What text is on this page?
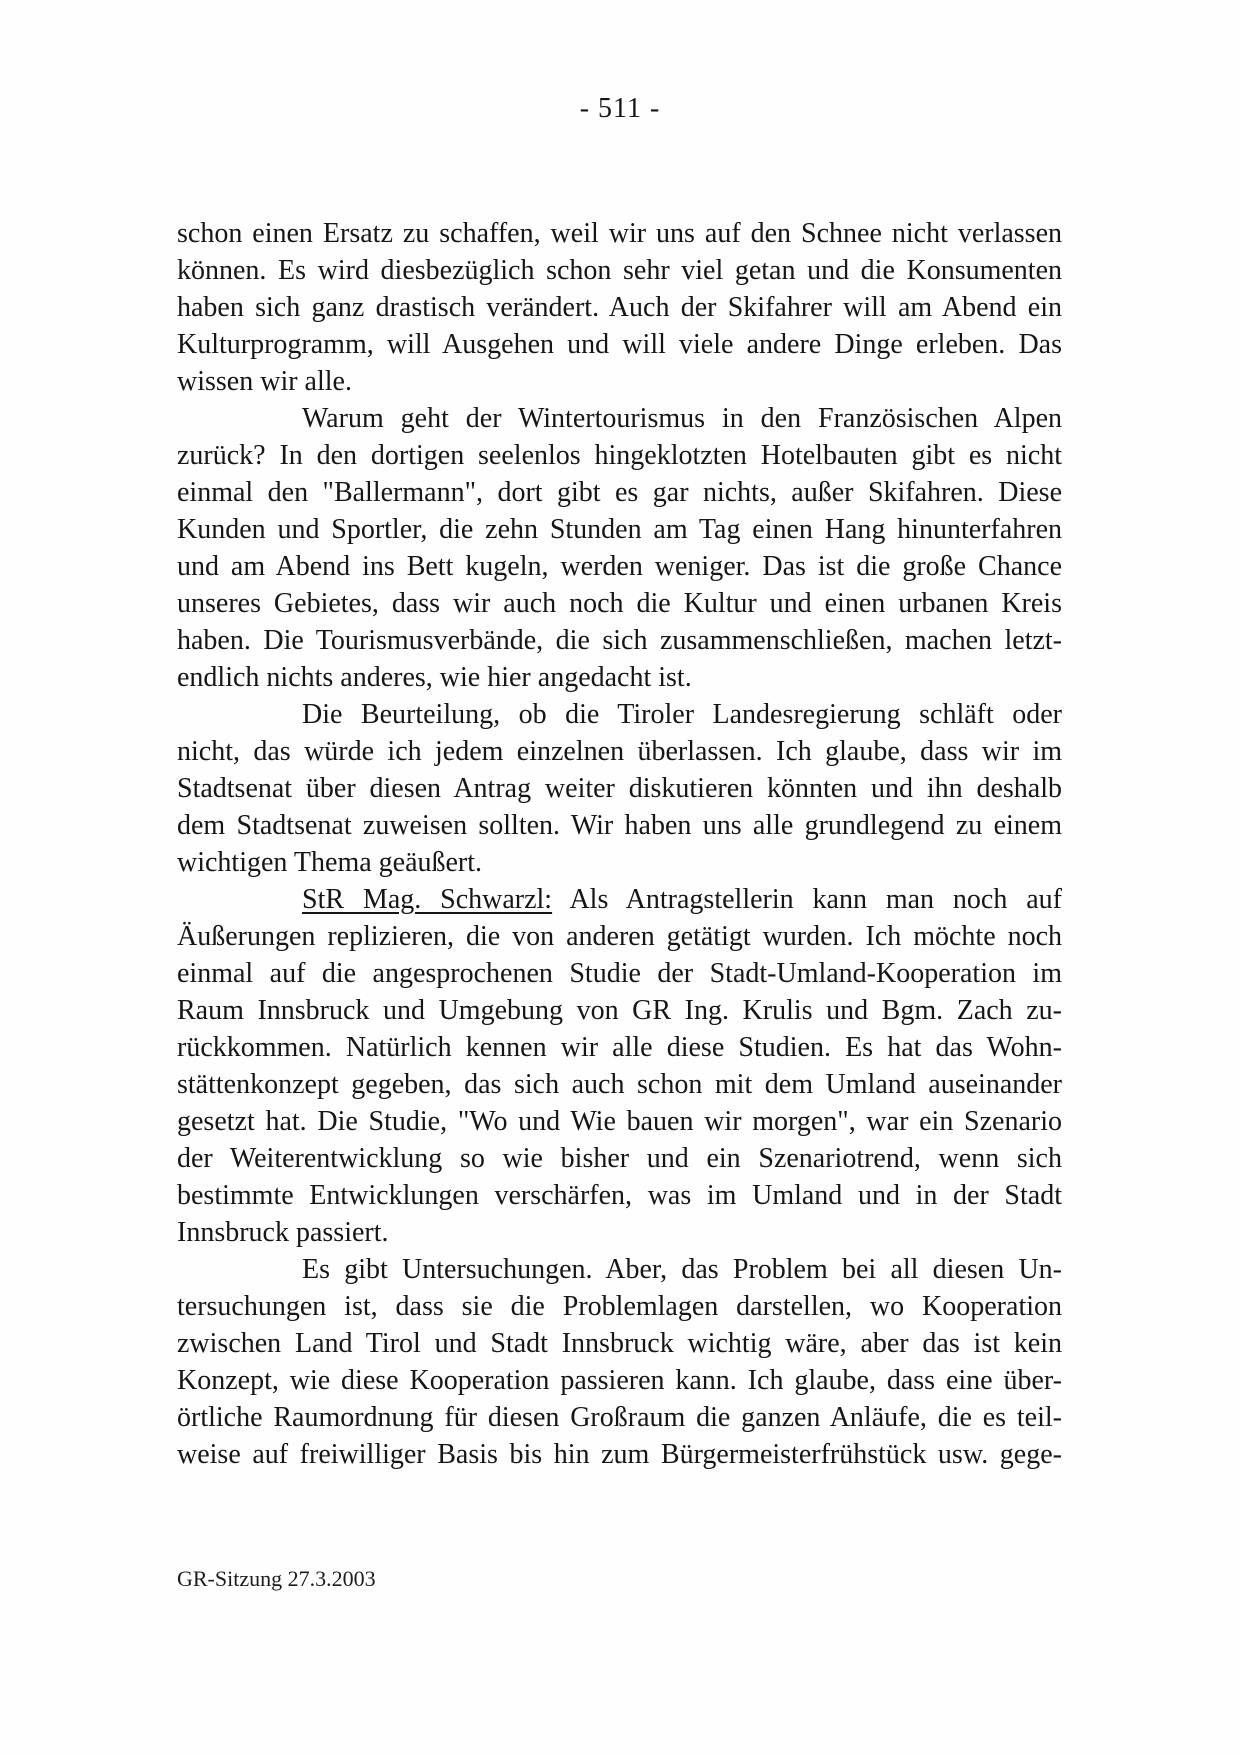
- 511 -
schon einen Ersatz zu schaffen, weil wir uns auf den Schnee nicht verlassen
können. Es wird diesbezüglich schon sehr viel getan und die Konsumenten
haben sich ganz drastisch verändert. Auch der Skifahrer will am Abend ein
Kulturprogramm, will Ausgehen und will viele andere Dinge erleben. Das
wissen wir alle.
Warum geht der Wintertourismus in den Französischen Alpen
zurück? In den dortigen seelenlos hingeklotzten Hotelbauten gibt es nicht
einmal den "Ballermann", dort gibt es gar nichts, außer Skifahren. Diese
Kunden und Sportler, die zehn Stunden am Tag einen Hang hinunterfahren
und am Abend ins Bett kugeln, werden weniger. Das ist die große Chance
unseres Gebietes, dass wir auch noch die Kultur und einen urbanen Kreis
haben. Die Tourismusverbände, die sich zusammenschließen, machen letzt-
endlich nichts anderes, wie hier angedacht ist.
Die Beurteilung, ob die Tiroler Landesregierung schläft oder
nicht, das würde ich jedem einzelnen überlassen. Ich glaube, dass wir im
Stadtsenat über diesen Antrag weiter diskutieren könnten und ihn deshalb
dem Stadtsenat zuweisen sollten. Wir haben uns alle grundlegend zu einem
wichtigen Thema geäußert.
StR Mag. Schwarzl: Als Antragstellerin kann man noch auf
Äußerungen replizieren, die von anderen getätigt wurden. Ich möchte noch
einmal auf die angesprochenen Studie der Stadt-Umland-Kooperation im
Raum Innsbruck und Umgebung von GR Ing. Krulis und Bgm. Zach zu-
rückkommen. Natürlich kennen wir alle diese Studien. Es hat das Wohn-
stättenkonzept gegeben, das sich auch schon mit dem Umland auseinander
gesetzt hat. Die Studie, "Wo und Wie bauen wir morgen", war ein Szenario
der Weiterentwicklung so wie bisher und ein Szenariotrend, wenn sich
bestimmte Entwicklungen verschärfen, was im Umland und in der Stadt
Innsbruck passiert.
Es gibt Untersuchungen. Aber, das Problem bei all diesen Un-
tersuchungen ist, dass sie die Problemlagen darstellen, wo Kooperation
zwischen Land Tirol und Stadt Innsbruck wichtig wäre, aber das ist kein
Konzept, wie diese Kooperation passieren kann. Ich glaube, dass eine über-
örtliche Raumordnung für diesen Großraum die ganzen Anläufe, die es teil-
weise auf freiwilliger Basis bis hin zum Bürgermeisterfrühstück usw. gege-
GR-Sitzung 27.3.2003
